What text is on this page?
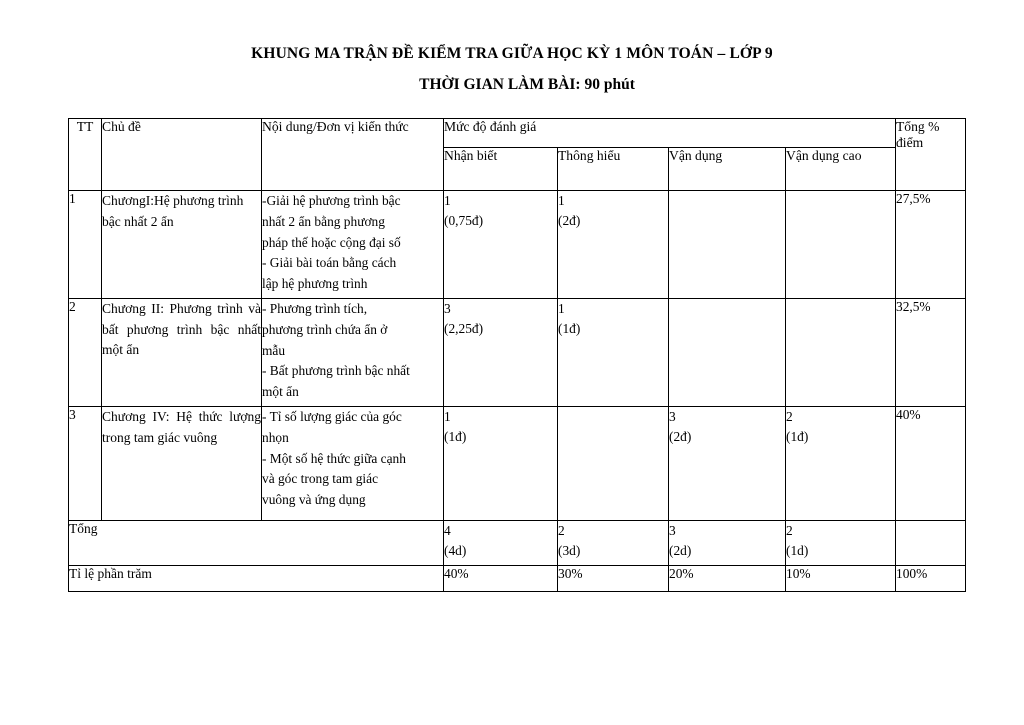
KHUNG MA TRẬN ĐỀ KIỂM TRA GIỮA HỌC KỲ 1 MÔN TOÁN – LỚP 9
THỜI GIAN LÀM BÀI: 90 phút
TT	Chủ đề	Nội dung/Đơn vị kiến thức	Mức độ đánh giá				Tổng % điểm
			Nhận biết	Thông hiểu	Vận dụng	Vận dụng cao	
1	ChươngI:Hệ phương trình bậc nhất 2 ẩn	-Giải hệ phương trình bậc
nhất 2 ẩn bằng phương
pháp thế hoặc cộng đại số
- Giải bài toán bằng cách
lập hệ phương trình	1
(0,75đ)	1
(2đ)			27,5%
2	Chương II: Phương trình và bất phương trình bậc nhất một ẩn	- Phương trình tích,
phương trình chứa ẩn ở
mẫu
- Bất phương trình bậc nhất
một ẩn	3
(2,25đ)	1
(1đ)			32,5%
3	Chương IV: Hệ thức lượng trong tam giác vuông	- Tỉ số lượng giác của góc
nhọn
- Một số hệ thức giữa cạnh
và góc trong tam giác
vuông và ứng dụng	1
(1đ)		3
(2đ)	2
(1đ)	40%
Tổng			4
(4d)	2
(3d)	3
(2d)	2
(1d)	

Tỉ lệ phần trăm			40%	30%	20%	10%	100%
